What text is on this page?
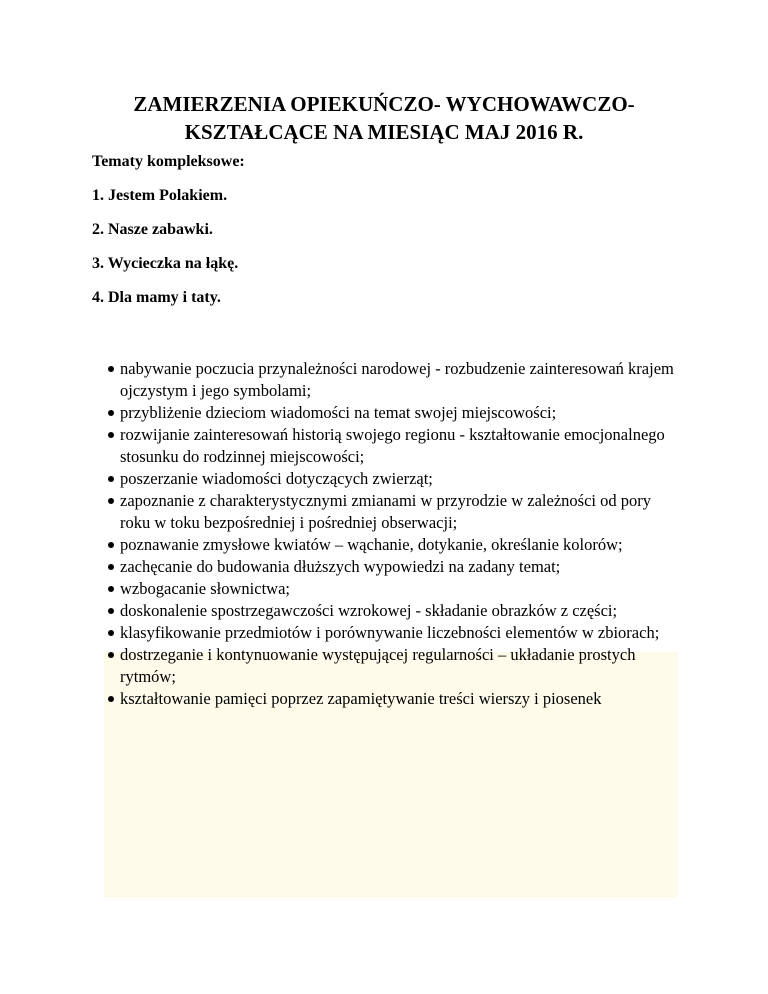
ZAMIERZENIA OPIEKUŃCZO- WYCHOWAWCZO-
KSZTAŁCĄCE NA MIESIĄC MAJ 2016 R.
Tematy kompleksowe:
1. Jestem Polakiem.
2. Nasze zabawki.
3. Wycieczka na łąkę.
4. Dla mamy i taty.
nabywanie poczucia przynależności narodowej - rozbudzenie zainteresowań krajem ojczystym i jego symbolami;
przybliżenie dzieciom wiadomości na temat swojej miejscowości;
rozwijanie zainteresowań historią swojego regionu - kształtowanie emocjonalnego stosunku do rodzinnej miejscowości;
poszerzanie wiadomości dotyczących zwierząt;
zapoznanie z charakterystycznymi zmianami w przyrodzie w zależności od pory roku w toku bezpośredniej i pośredniej obserwacji;
poznawanie zmysłowe kwiatów – wąchanie, dotykanie, określanie kolorów;
zachęcanie do budowania dłuższych wypowiedzi na zadany temat;
wzbogacanie słownictwa;
doskonalenie spostrzegawczości wzrokowej - składanie obrazków z części;
klasyfikowanie przedmiotów i porównywanie liczebności elementów w zbiorach;
dostrzeganie i kontynuowanie występującej regularności – układanie prostych rytmów;
kształtowanie pamięci poprzez zapamiętywanie treści wierszy i piosenek
